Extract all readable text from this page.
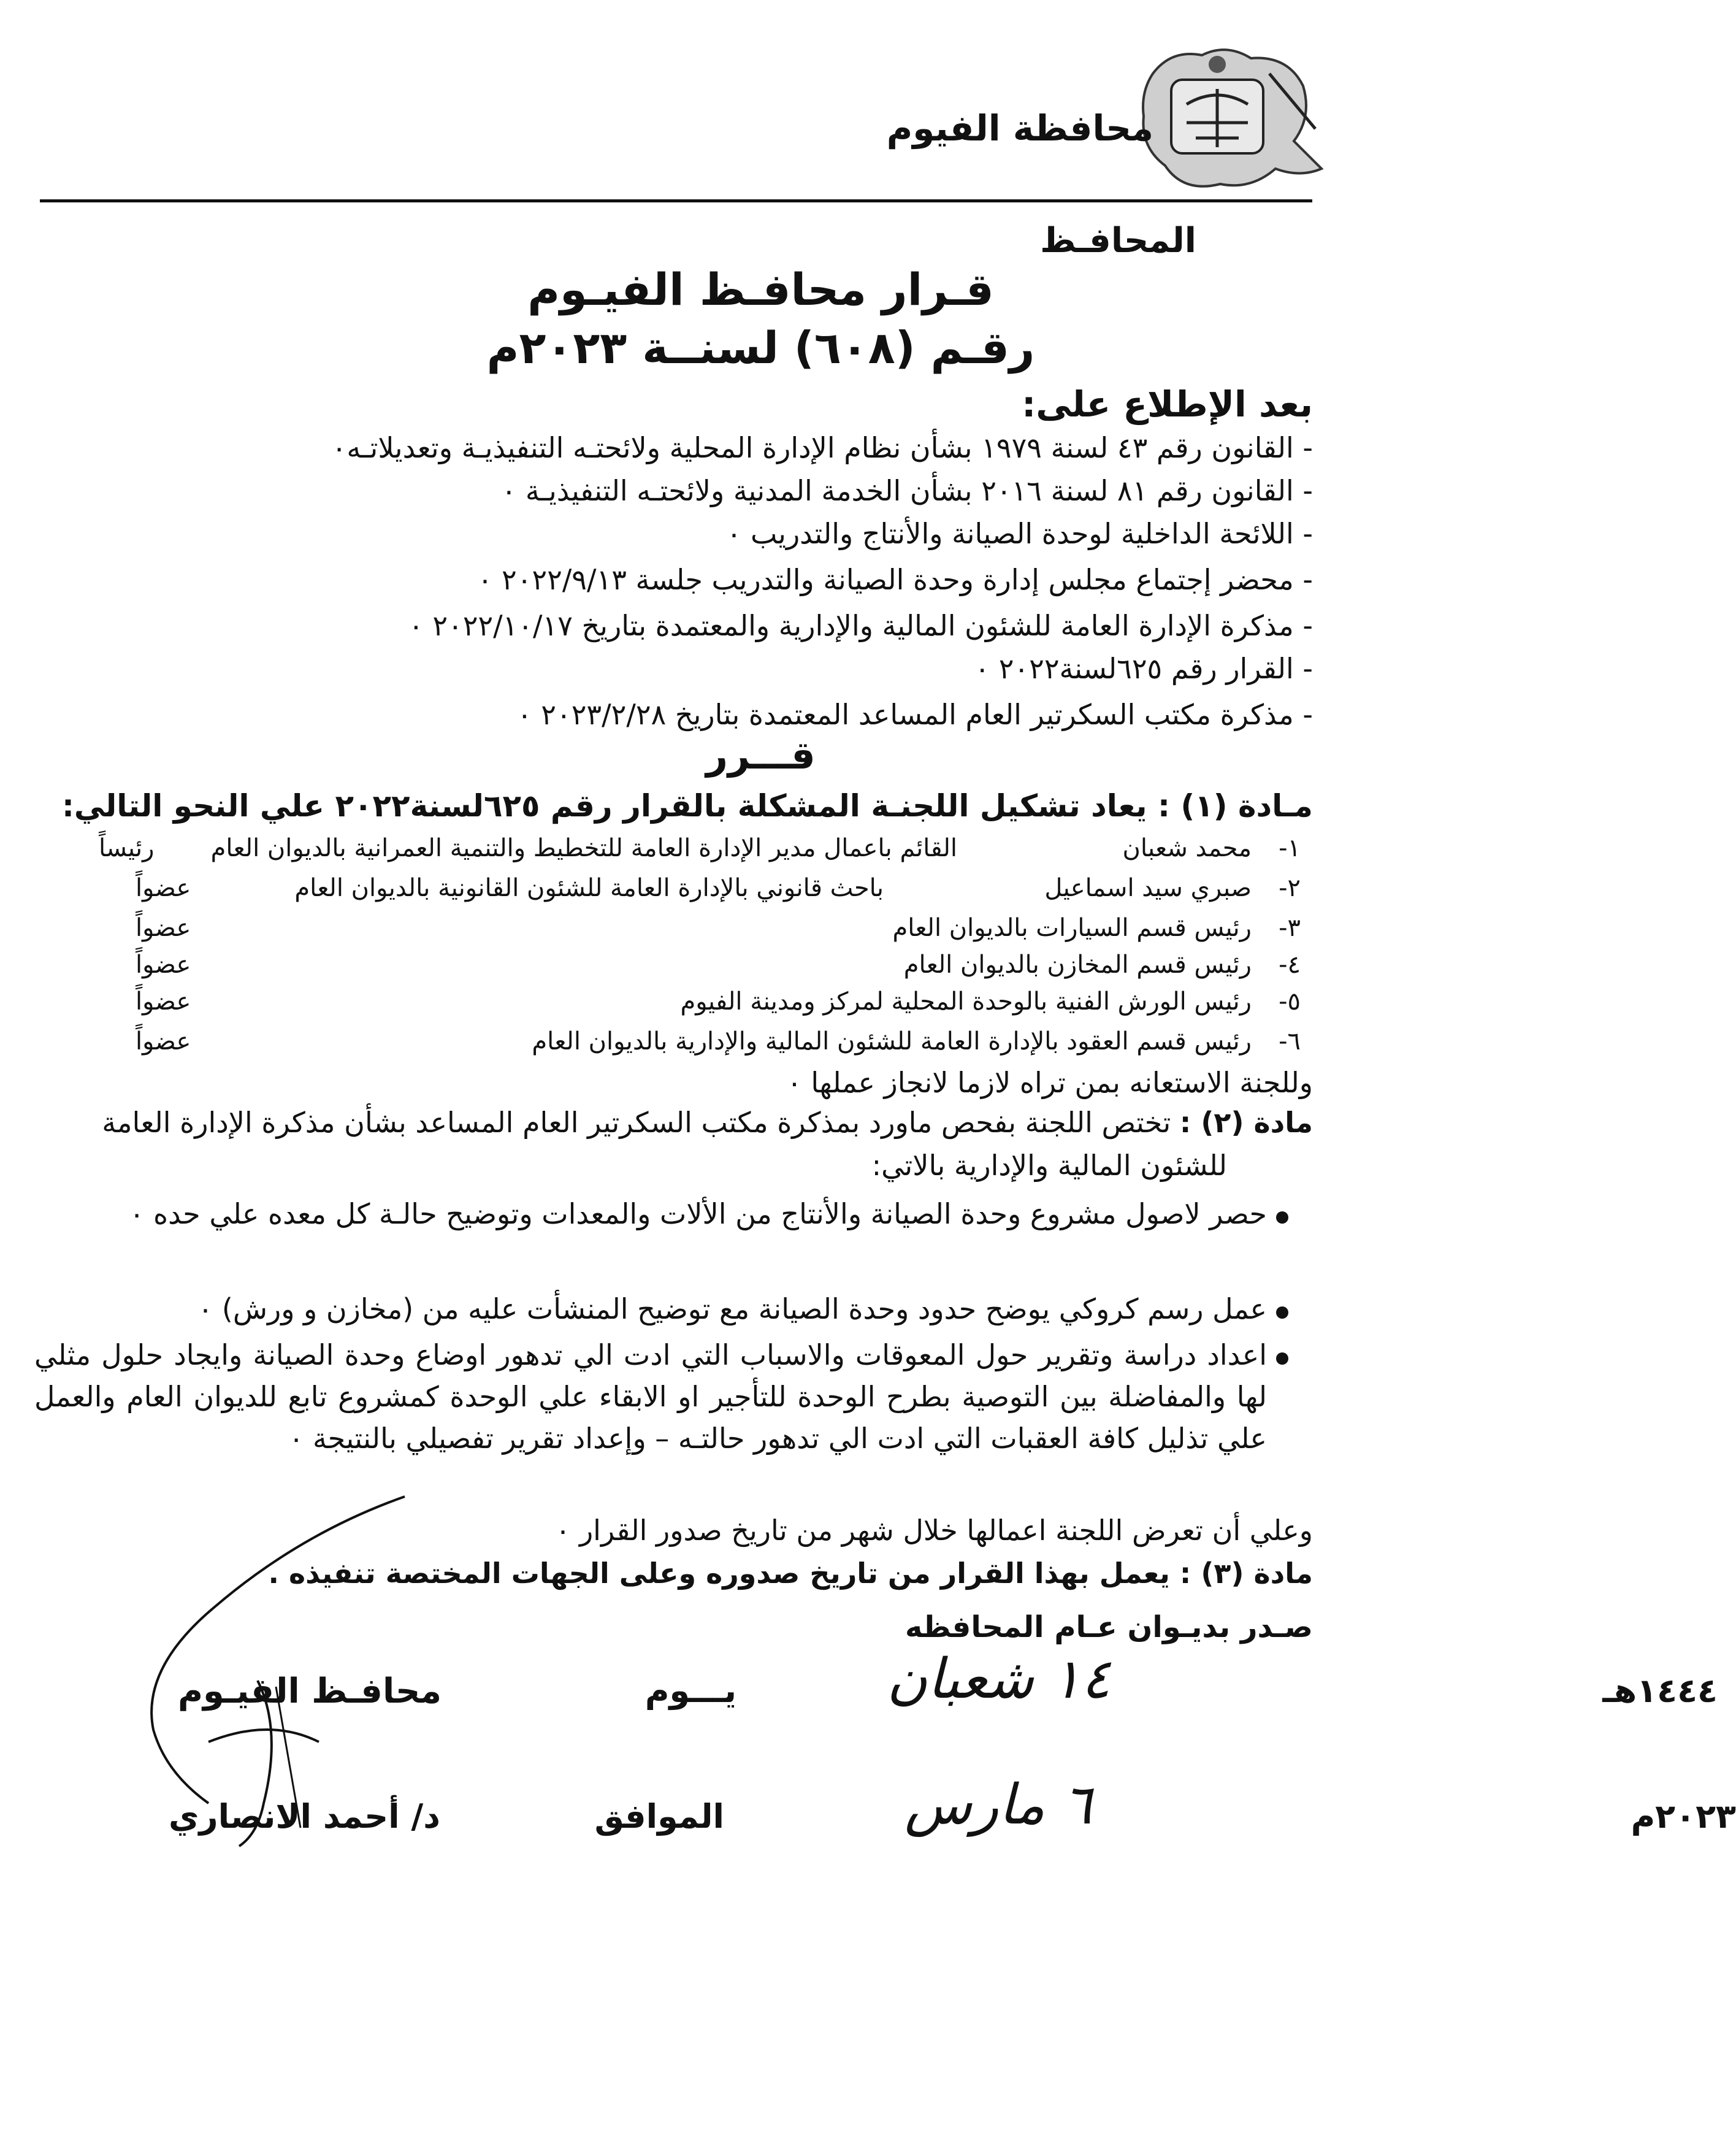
محافظة الفيوم
المحافـظ
قـرار محافـظ الفيـوم
رقـم (٦٠٨) لسنــة ٢٠٢٣م
بعد الإطلاع على:
- القانون رقم ٤٣ لسنة ١٩٧٩ بشأن نظام الإدارة المحلية ولائحتـه التنفيذيـة وتعديلاتـه٠
- القانون رقم ٨١ لسنة ٢٠١٦ بشأن الخدمة المدنية ولائحتـه التنفيذيـة ٠
- اللائحة الداخلية لوحدة الصيانة والأنتاج والتدريب ٠
- محضر إجتماع مجلس إدارة وحدة الصيانة والتدريب جلسة ٢٠٢٢/٩/١٣ ٠
- مذكرة الإدارة العامة للشئون المالية والإدارية والمعتمدة بتاريخ ٢٠٢٢/١٠/١٧ ٠
- القرار رقم ٦٢٥لسنة٢٠٢٢ ٠
- مذكرة مكتب السكرتير العام المساعد المعتمدة بتاريخ ٢٠٢٣/٢/٢٨ ٠
قـــرر
مـادة (١) : يعاد تشكيل اللجنـة المشكلة بالقرار رقم ٦٢٥لسنة٢٠٢٢ علي النحو التالي:
١-
محمد شعبان
القائم باعمال مدير الإدارة العامة للتخطيط والتنمية العمرانية بالديوان العام
رئيساً
٢-
صبري سيد اسماعيل
باحث قانوني بالإدارة العامة للشئون القانونية بالديوان العام
عضواً
٣-
رئيس قسم السيارات بالديوان العام
عضواً
٤-
رئيس قسم المخازن بالديوان العام
عضواً
٥-
رئيس الورش الفنية بالوحدة المحلية لمركز ومدينة الفيوم
عضواً
٦-
رئيس قسم العقود بالإدارة العامة للشئون المالية والإدارية بالديوان العام
عضواً
وللجنة الاستعانه بمن تراه لازما لانجاز عملها ٠
مادة (٢) : تختص اللجنة بفحص ماورد بمذكرة مكتب السكرتير العام المساعد بشأن مذكرة الإدارة العامة
للشئون المالية والإدارية بالاتي:
حصر لاصول مشروع وحدة الصيانة والأنتاج من الألات والمعدات وتوضيح حالـة كل معده علي حده ٠
عمل رسم كروكي يوضح حدود وحدة الصيانة مع توضيح المنشأت عليه من (مخازن و ورش) ٠
اعداد دراسة وتقرير حول المعوقات والاسباب التي ادت الي تدهور اوضاع وحدة الصيانة وايجاد حلول مثلي لها والمفاضلة بين التوصية بطرح الوحدة للتأجير او الابقاء علي الوحدة كمشروع تابع للديوان العام والعمل علي تذليل كافة العقبات التي ادت الي تدهور حالتـه – وإعداد تقرير تفصيلي بالنتيجة ٠
وعلي أن تعرض اللجنة اعمالها خلال شهر من تاريخ صدور القرار ٠
مادة (٣) : يعمل بهذا القرار من تاريخ صدوره وعلى الجهات المختصة تنفيذه .
صـدر بديـوان عـام المحافظه
يـــوم	١٤ شعبان	١٤٤٤هـ
الموافق	٦ مارس	٢٠٢٣م
محافـظ الفيـوم
د/ أحمد الانصاري
